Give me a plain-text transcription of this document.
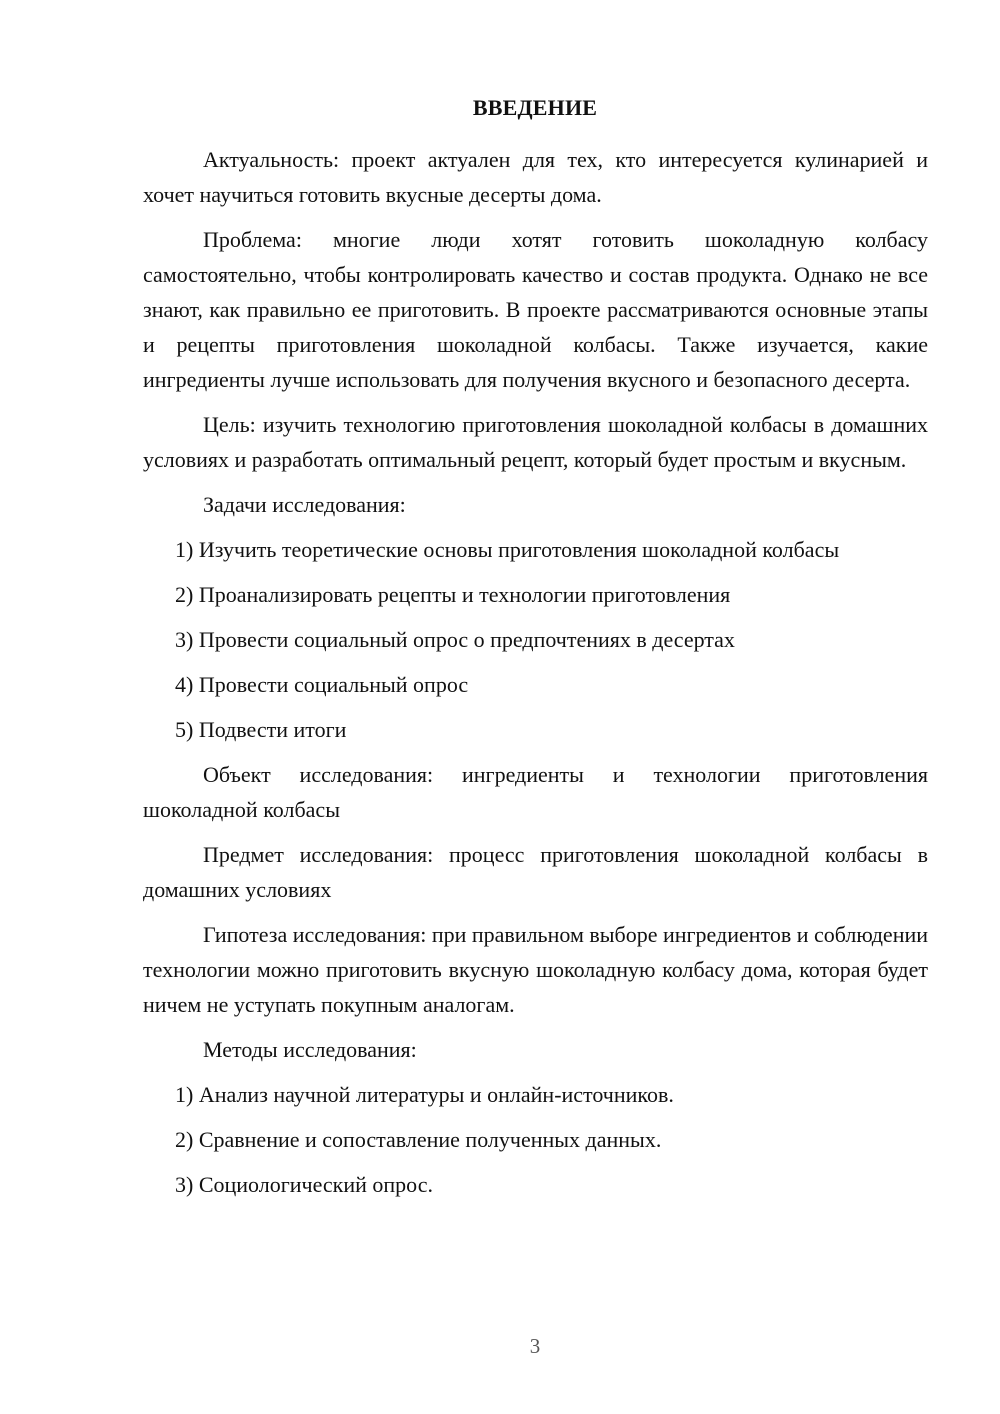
ВВЕДЕНИЕ

Актуальность: проект актуален для тех, кто интересуется кулинарией и хочет научиться готовить вкусные десерты дома.

Проблема: многие люди хотят готовить шоколадную колбасу самостоятельно, чтобы контролировать качество и состав продукта. Однако не все знают, как правильно ее приготовить. В проекте рассматриваются основные этапы и рецепты приготовления шоколадной колбасы. Также изучается, какие ингредиенты лучше использовать для получения вкусного и безопасного десерта.

Цель: изучить технологию приготовления шоколадной колбасы в домашних условиях и разработать оптимальный рецепт, который будет простым и вкусным.

Задачи исследования:

1) Изучить теоретические основы приготовления шоколадной колбасы

2) Проанализировать рецепты и технологии приготовления

3) Провести социальный опрос о предпочтениях в десертах

4) Провести социальный опрос

5) Подвести итоги

Объект исследования: ингредиенты и технологии приготовления шоколадной колбасы

Предмет исследования: процесс приготовления шоколадной колбасы в домашних условиях

Гипотеза исследования: при правильном выборе ингредиентов и соблюдении технологии можно приготовить вкусную шоколадную колбасу дома, которая будет ничем не уступать покупным аналогам.

Методы исследования:

1) Анализ научной литературы и онлайн-источников.

2) Сравнение и сопоставление полученных данных.

3) Социологический опрос.

3
